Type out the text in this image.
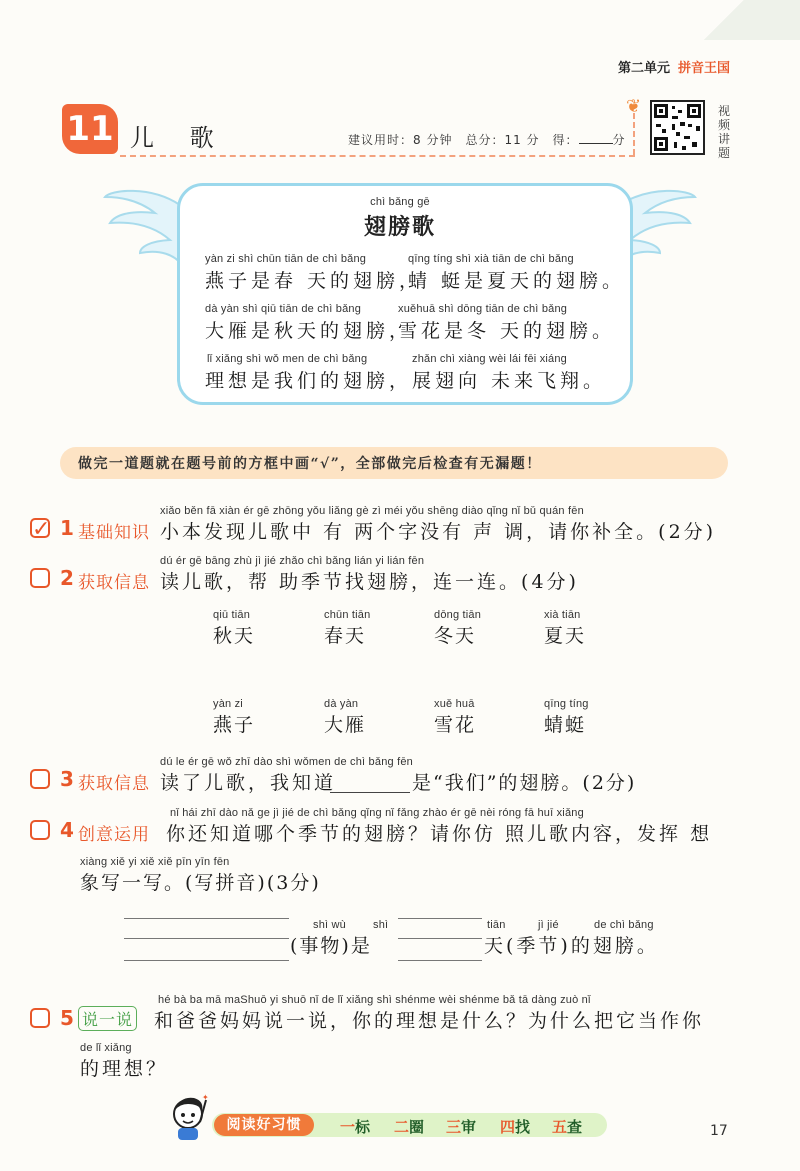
第二单元 拼音王国
11 儿 歌	建议用时：8 分钟　总分：11 分　得：	分
❦	视频讲题
chì bǎng gē
翅膀歌
yàn zi shì chūn tiān de chì bǎng
燕子是春 天的翅膀，
qīng tíng shì xià tiān de chì bǎng
蜻 蜓是夏天的翅膀。
dà yàn shì qiū tiān de chì bǎng
大雁是秋天的翅膀，
xuěhuā shì dōng tiān de chì bǎng
雪花是冬 天的翅膀。
lǐ xiǎng shì wǒ men de chì bǎng
理想是我们的翅膀，
zhǎn chì xiàng wèi lái fēi xiáng
展翅向 未来飞翔。
做完一道题就在题号前的方框中画“√”，全部做完后检查有无漏题！
✓ 1 基础知识
xiǎo běn fā xiàn ér gē zhōng yǒu liǎng gè zì méi yǒu shēng diào qǐng nǐ bǔ quán fēn
小本发现儿歌中 有 两个字没有 声 调，请你补全。(2分)
2 获取信息
dú ér gē bāng zhù jì jié zhǎo chì bǎng lián yi lián fēn
读儿歌，帮 助季节找翅膀，连一连。(4分)
qiū tiān
秋天
chūn tiān
春天
dōng tiān
冬天
xià tiān
夏天
yàn zi
燕子
dà yàn
大雁
xuě huā
雪花
qīng tíng
蜻蜓
3 获取信息
dú le ér gē wǒ zhī dào shì wǒmen de chì bǎng fēn
读了儿歌，我知道	是“我们”的翅膀。(2分)
4 创意运用
nǐ hái zhī dào nǎ ge jì jié de chì bǎng qǐng nǐ fǎng zhào ér gē nèi róng fā huī xiǎng
你还知道哪个季节的翅膀？请你仿 照儿歌内容，发挥 想
xiàng xiě yi xiě xiě pīn yīn fēn
象写一写。(写拼音)(3分)
shì wù shì	tiān	jì jié	de chì bǎng
(事物)是	天(季节)的翅膀。
5 说一说
hé bà ba mā maShuō yi shuō nǐ de lǐ xiǎng shì shénme wèi shénme bǎ tā dàng zuò nǐ
和爸爸妈妈说一说，你的理想是什么？为什么把它当作你
de lǐ xiǎng
的理想？
✦
阅读好习惯	一标 二圈 三审 四找 五查	17
